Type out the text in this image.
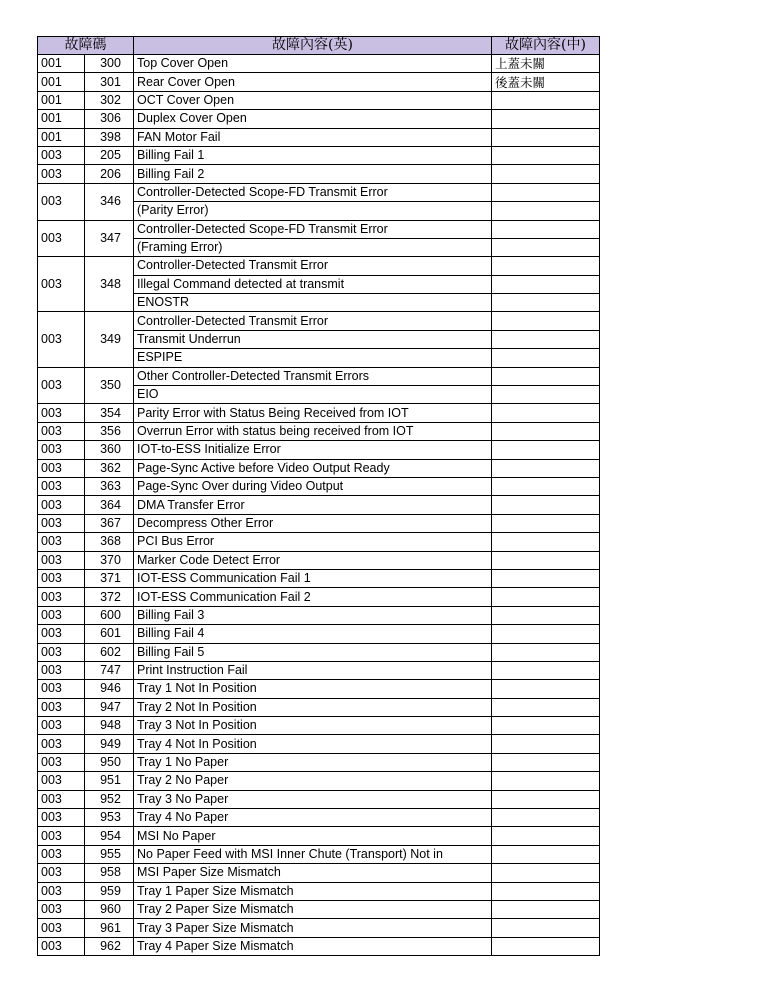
故障碼		故障內容(英)	故障內容(中)
001	300	Top Cover Open	上蓋未關
001	301	Rear Cover Open	後蓋未關
001	302	OCT Cover Open	
001	306	Duplex Cover Open	
001	398	FAN Motor Fail	
003	205	Billing Fail 1	
003	206	Billing Fail 2	
003	346	Controller-Detected Scope-FD Transmit Error	
		(Parity Error)	
003	347	Controller-Detected Scope-FD Transmit Error	
		(Framing Error)	
003	348	Controller-Detected Transmit Error	
		Illegal Command detected at transmit	
		ENOSTR	
003	349	Controller-Detected Transmit Error	
		Transmit Underrun	
		ESPIPE	
003	350	Other Controller-Detected Transmit Errors	
		EIO	
003	354	Parity Error with Status Being Received from IOT	
003	356	Overrun Error with status being received from IOT	
003	360	IOT-to-ESS Initialize Error	
003	362	Page-Sync Active before Video Output Ready	
003	363	Page-Sync Over during Video Output	
003	364	DMA Transfer Error	
003	367	Decompress Other Error	
003	368	PCI Bus Error	
003	370	Marker Code Detect Error	
003	371	IOT-ESS Communication Fail 1	
003	372	IOT-ESS Communication Fail 2	
003	600	Billing Fail 3	
003	601	Billing Fail 4	
003	602	Billing Fail 5	
003	747	Print Instruction Fail	
003	946	Tray 1 Not In Position	
003	947	Tray 2 Not In Position	
003	948	Tray 3 Not In Position	
003	949	Tray 4 Not In Position	
003	950	Tray 1 No Paper	
003	951	Tray 2 No Paper	
003	952	Tray 3 No Paper	
003	953	Tray 4 No Paper	
003	954	MSI No Paper	
003	955	No Paper Feed with MSI Inner Chute (Transport) Not in	
003	958	MSI Paper Size Mismatch	
003	959	Tray 1 Paper Size Mismatch	
003	960	Tray 2 Paper Size Mismatch	
003	961	Tray 3 Paper Size Mismatch	
003	962	Tray 4 Paper Size Mismatch	
